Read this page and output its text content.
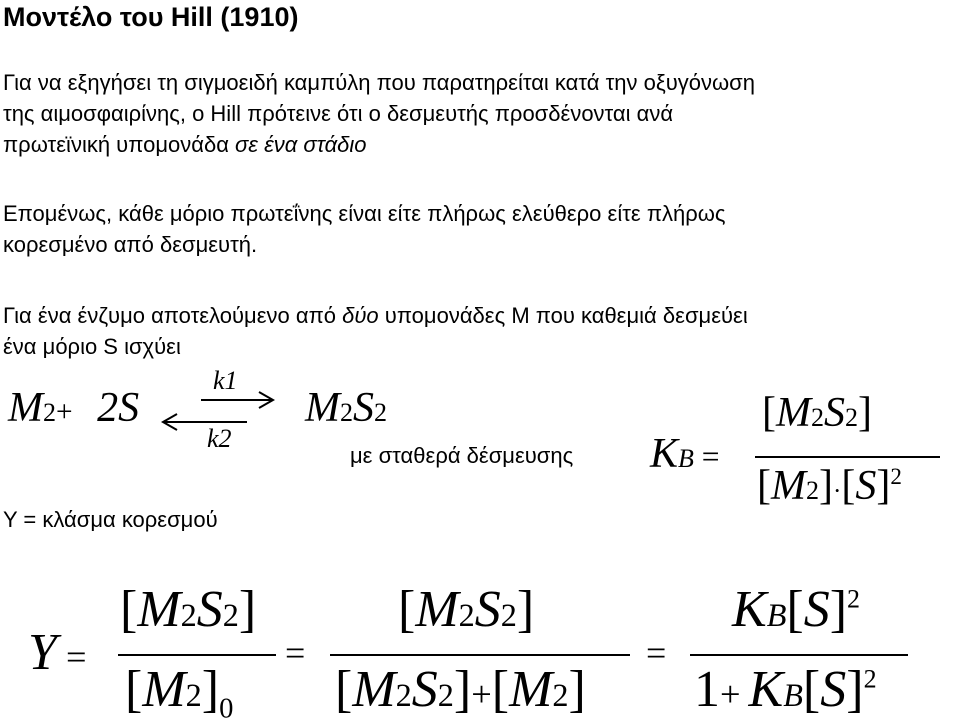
Μοντέλο του Hill (1910)
Για να εξηγήσει τη σιγμοειδή καμπύλη που παρατηρείται κατά την οξυγόνωση
της αιμοσφαιρίνης, ο Hill πρότεινε ότι ο δεσμευτής προσδένονται ανά
πρωτεϊνική υπομονάδα σε ένα στάδιο
Επομένως, κάθε μόριο πρωτεΐνης είναι είτε πλήρως ελεύθερο είτε πλήρως
κορεσμένο από δεσμευτή.
Για ένα ένζυμο αποτελούμενο από δύο υπομονάδες M που καθεμιά δεσμεύει
ένα μόριο S ισχύει
M2+ 2S
k1
k2
M2S2
με σταθερά δέσμευσης KB =
[M2S2]
$[M2]\cdot[S]^2$
Y = κλάσμα κορεσμού
Y =
[M2S2]
$[M2]_0$
=
[M2S2]
[M2S2]+[M2]
=
$KB[S]^2$
$1+ KB[S]^2$
